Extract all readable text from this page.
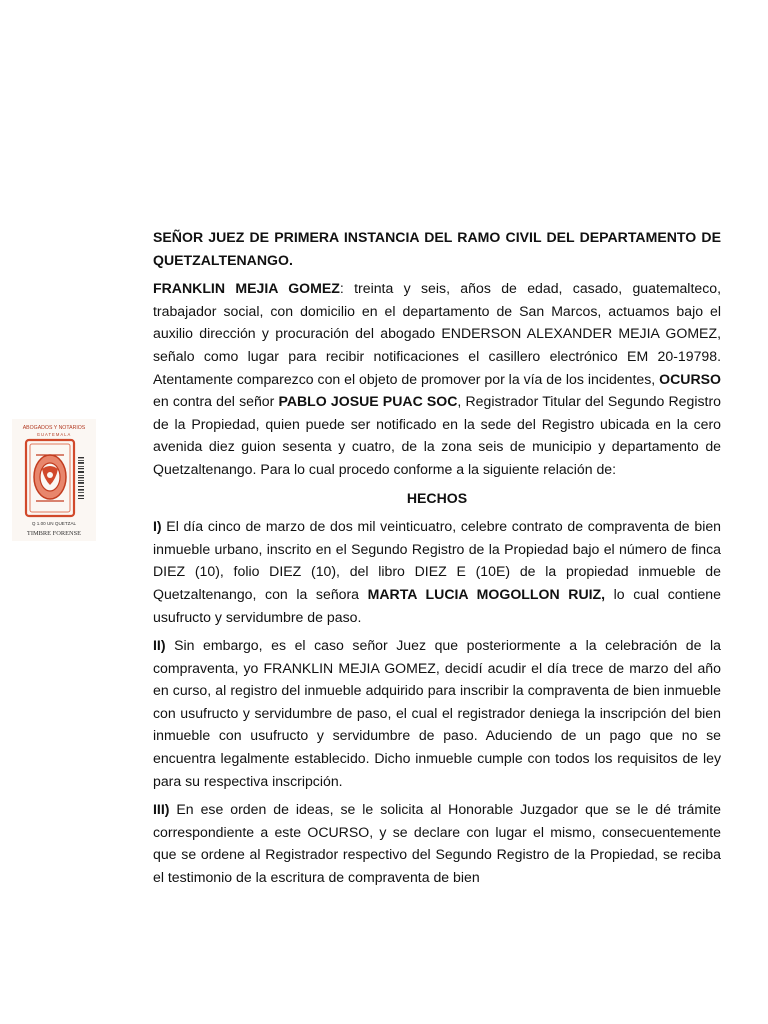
ABOGADOS Y NOTARIOS
GUATEMALA
Q 1.00 UN QUETZAL
TIMBRE FORENSE

SEÑOR JUEZ DE PRIMERA INSTANCIA DEL RAMO CIVIL DEL DEPARTAMENTO DE QUETZALTENANGO.

FRANKLIN MEJIA GOMEZ: treinta y seis, años de edad, casado, guatemalteco, trabajador social, con domicilio en el departamento de San Marcos, actuamos bajo el auxilio dirección y procuración del abogado ENDERSON ALEXANDER MEJIA GOMEZ, señalo como lugar para recibir notificaciones el casillero electrónico EM 20-19798. Atentamente comparezco con el objeto de promover por la vía de los incidentes, OCURSO en contra del señor PABLO JOSUE PUAC SOC, Registrador Titular del Segundo Registro de la Propiedad, quien puede ser notificado en la sede del Registro ubicada en la cero avenida diez guion sesenta y cuatro, de la zona seis de municipio y departamento de Quetzaltenango. Para lo cual procedo conforme a la siguiente relación de:

HECHOS

I) El día cinco de marzo de dos mil veinticuatro, celebre contrato de compraventa de bien inmueble urbano, inscrito en el Segundo Registro de la Propiedad bajo el número de finca DIEZ (10), folio DIEZ (10), del libro DIEZ E (10E) de la propiedad inmueble de Quetzaltenango, con la señora MARTA LUCIA MOGOLLON RUIZ, lo cual contiene usufructo y servidumbre de paso.

II) Sin embargo, es el caso señor Juez que posteriormente a la celebración de la compraventa, yo FRANKLIN MEJIA GOMEZ, decidí acudir el día trece de marzo del año en curso, al registro del inmueble adquirido para inscribir la compraventa de bien inmueble con usufructo y servidumbre de paso, el cual el registrador deniega la inscripción del bien inmueble con usufructo y servidumbre de paso. Aduciendo de un pago que no se encuentra legalmente establecido. Dicho inmueble cumple con todos los requisitos de ley para su respectiva inscripción.

III) En ese orden de ideas, se le solicita al Honorable Juzgador que se le dé trámite correspondiente a este OCURSO, y se declare con lugar el mismo, consecuentemente que se ordene al Registrador respectivo del Segundo Registro de la Propiedad, se reciba el testimonio de la escritura de compraventa de bien
